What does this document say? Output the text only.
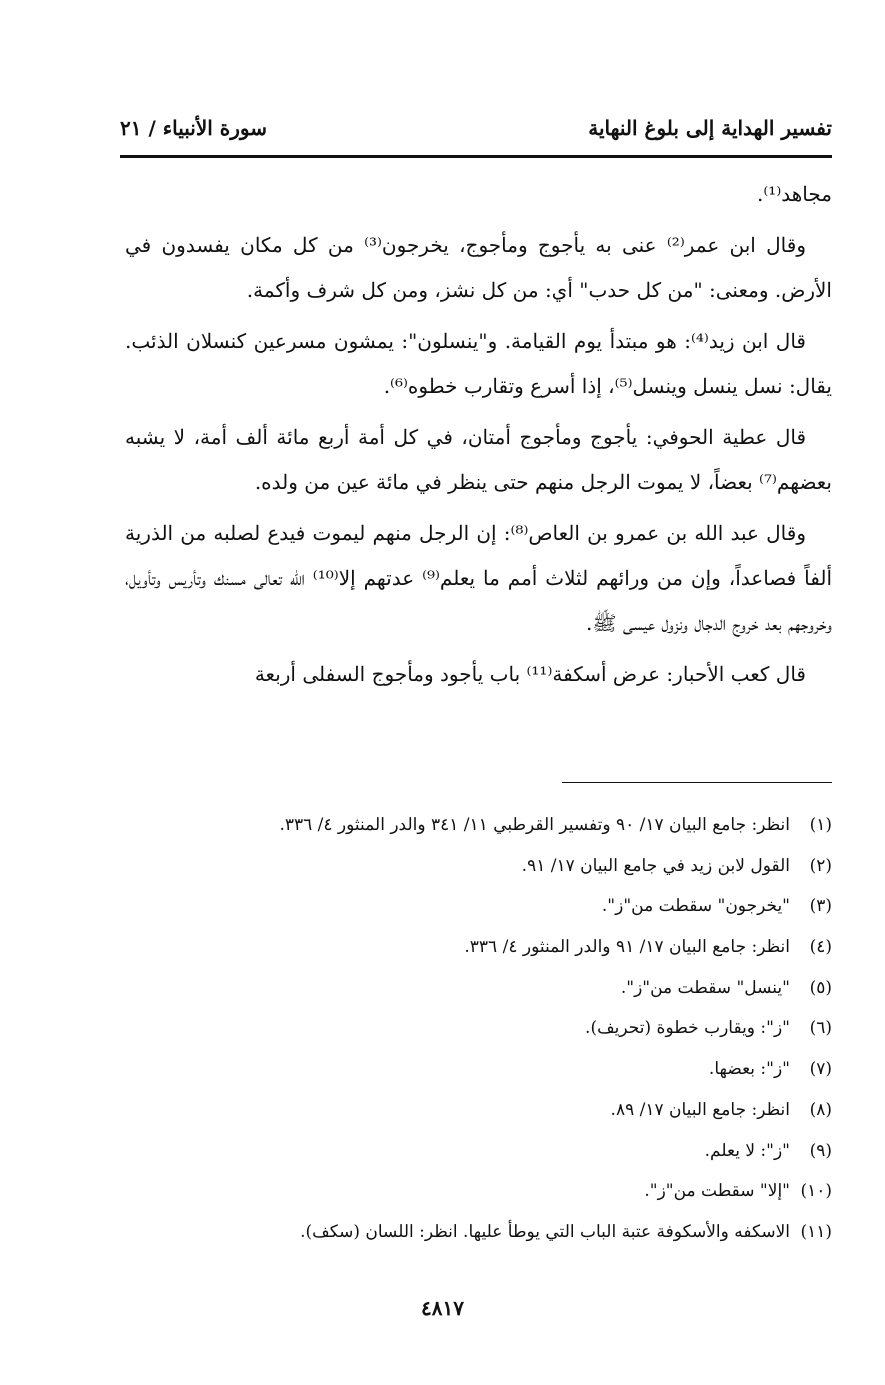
تفسير الهداية إلى بلوغ النهاية
سورة الأنبياء / ٢١

مجاهد⁽¹⁾.

وقال ابن عمر⁽²⁾ عنى به يأجوج ومأجوج، يخرجون⁽³⁾ من كل مكان يفسدون في الأرض. ومعنى: "من كل حدب" أي: من كل نشز، ومن كل شرف وأكمة.

قال ابن زيد⁽⁴⁾: هو مبتدأ يوم القيامة. و"ينسلون": يمشون مسرعين كنسلان الذئب. يقال: نسل ينسل وينسل⁽⁵⁾، إذا أسرع وتقارب خطوه⁽⁶⁾.

قال عطية الحوفي: يأجوج ومأجوج أمتان، في كل أمة أربع مائة ألف أمة، لا يشبه بعضهم⁽⁷⁾ بعضاً، لا يموت الرجل منهم حتى ينظر في مائة عين من ولده.

وقال عبد الله بن عمرو بن العاص⁽⁸⁾: إن الرجل منهم ليموت فيدع لصلبه من الذرية ألفاً فصاعداً، وإن من ورائهم لثلاث أمم ما يعلم⁽⁹⁾ عدتهم إلا⁽¹⁰⁾ الله تعالى مسنك وتأريس وتأويل، وخروجهم بعد خروج الدجال ونزول عيسى ﷺ.

قال كعب الأحبار: عرض أسكفة⁽¹¹⁾ باب يأجود ومأجوج السفلى أربعة

(١)انظر: جامع البيان ١٧/ ٩٠ وتفسير القرطبي ١١/ ٣٤١ والدر المنثور ٤/ ٣٣٦.
(٢)القول لابن زيد في جامع البيان ١٧/ ٩١.
(٣)"يخرجون" سقطت من"ز".
(٤)انظر: جامع البيان ١٧/ ٩١ والدر المنثور ٤/ ٣٣٦.
(٥)"ينسل" سقطت من"ز".
(٦)"ز": ويقارب خطوة (تحريف).
(٧)"ز": بعضها.
(٨)انظر: جامع البيان ١٧/ ٨٩.
(٩)"ز": لا يعلم.
(١٠)"إلا" سقطت من"ز".
(١١)الاسكفه والأسكوفة عتبة الباب التي يوطأ عليها. انظر: اللسان (سكف).
٤٨١٧
